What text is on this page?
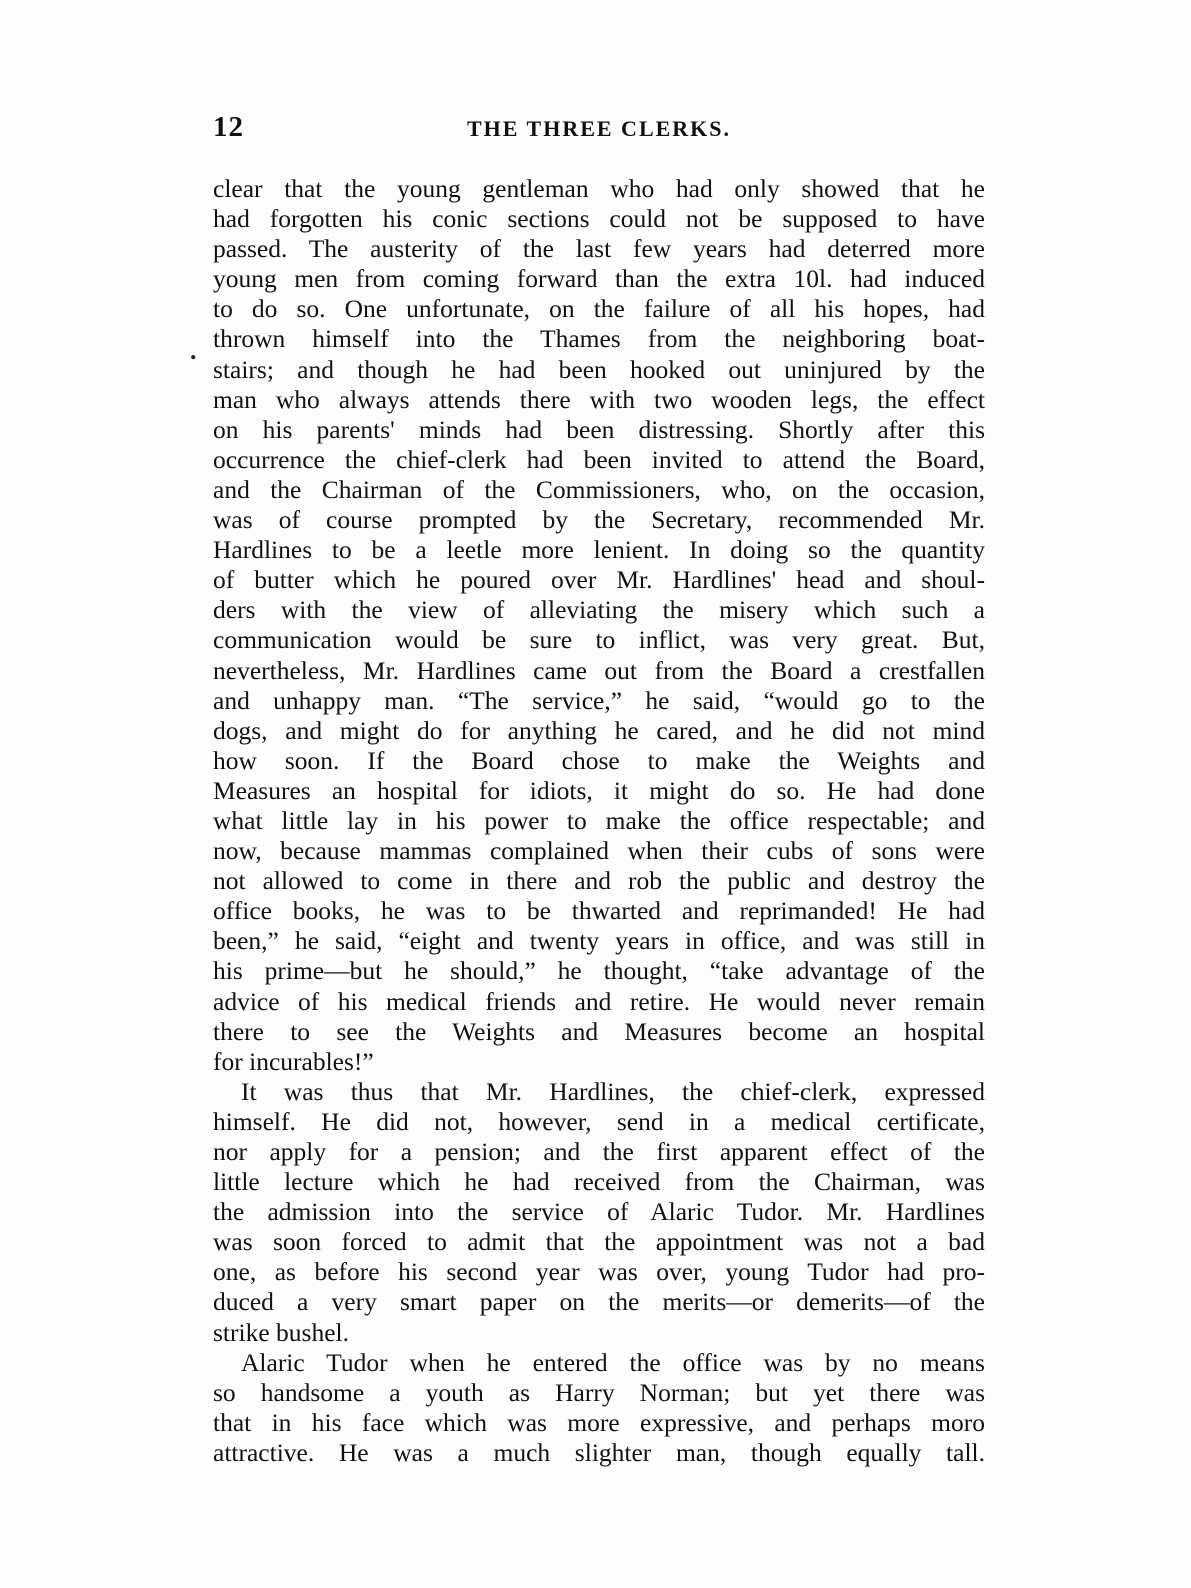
12	THE THREE CLERKS.
.
clear that the young gentleman who had only showed that he
had forgotten his conic sections could not be supposed to have
passed. The austerity of the last few years had deterred more
young men from coming forward than the extra 10l. had induced
to do so. One unfortunate, on the failure of all his hopes, had
thrown himself into the Thames from the neighboring boat-
stairs; and though he had been hooked out uninjured by the
man who always attends there with two wooden legs, the effect
on his parents' minds had been distressing. Shortly after this
occurrence the chief-clerk had been invited to attend the Board,
and the Chairman of the Commissioners, who, on the occasion,
was of course prompted by the Secretary, recommended Mr.
Hardlines to be a leetle more lenient. In doing so the quantity
of butter which he poured over Mr. Hardlines' head and shoul-
ders with the view of alleviating the misery which such a
communication would be sure to inflict, was very great. But,
nevertheless, Mr. Hardlines came out from the Board a crestfallen
and unhappy man. “The service,” he said, “would go to the
dogs, and might do for anything he cared, and he did not mind
how soon. If the Board chose to make the Weights and
Measures an hospital for idiots, it might do so. He had done
what little lay in his power to make the office respectable; and
now, because mammas complained when their cubs of sons were
not allowed to come in there and rob the public and destroy the
office books, he was to be thwarted and reprimanded! He had
been,” he said, “eight and twenty years in office, and was still in
his prime—but he should,” he thought, “take advantage of the
advice of his medical friends and retire. He would never remain
there to see the Weights and Measures become an hospital
for incurables!”
It was thus that Mr. Hardlines, the chief-clerk, expressed
himself. He did not, however, send in a medical certificate,
nor apply for a pension; and the first apparent effect of the
little lecture which he had received from the Chairman, was
the admission into the service of Alaric Tudor. Mr. Hardlines
was soon forced to admit that the appointment was not a bad
one, as before his second year was over, young Tudor had pro-
duced a very smart paper on the merits—or demerits—of the
strike bushel.
Alaric Tudor when he entered the office was by no means
so handsome a youth as Harry Norman; but yet there was
that in his face which was more expressive, and perhaps moro
attractive. He was a much slighter man, though equally tall.
